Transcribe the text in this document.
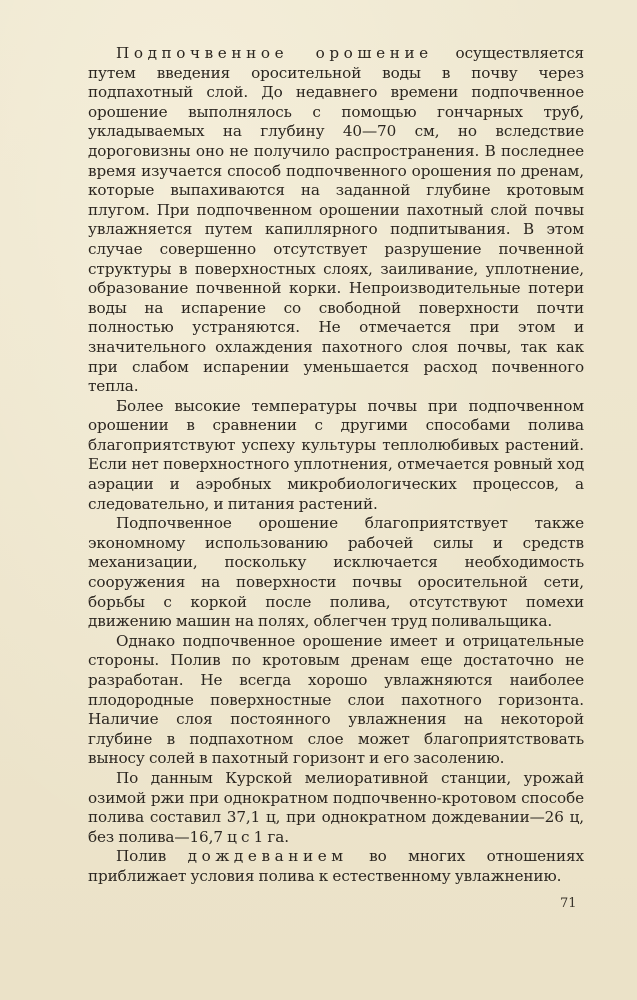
Подпочвенное орошение осуществляется путем введения оросительной воды в почву через подпахотный слой. До недавнего времени подпочвенное орошение выполнялось с помощью гончарных труб, укладываемых на глубину 40—70 см, но вследствие дороговизны оно не получило распространения. В последнее время изучается способ подпочвенного орошения по дренам, которые выпахиваются на заданной глубине кротовым плугом. При подпочвенном орошении пахотный слой почвы увлажняется путем капиллярного подпитывания. В этом случае совершенно отсутствует разрушение почвенной структуры в поверхностных слоях, заиливание, уплотнение, образование почвенной корки. Непроизводительные потери воды на испарение со свободной поверхности почти полностью устраняются. Не отмечается при этом и значительного охлаждения пахотного слоя почвы, так как при слабом испарении уменьшается расход почвенного тепла.

Более высокие температуры почвы при подпочвенном орошении в сравнении с другими способами полива благоприятствуют успеху культуры теплолюбивых растений. Если нет поверхностного уплотнения, отмечается ровный ход аэрации и аэробных микробиологических процессов, а следовательно, и питания растений.

Подпочвенное орошение благоприятствует также экономному использованию рабочей силы и средств механизации, поскольку исключается необходимость сооружения на поверхности почвы оросительной сети, борьбы с коркой после полива, отсутствуют помехи движению машин на полях, облегчен труд поливальщика.

Однако подпочвенное орошение имеет и отрицательные стороны. Полив по кротовым дренам еще достаточно не разработан. Не всегда хорошо увлажняются наиболее плодородные поверхностные слои пахотного горизонта. Наличие слоя постоянного увлажнения на некоторой глубине в подпахотном слое может благоприятствовать выносу солей в пахотный горизонт и его засолению.

По данным Курской мелиоративной станции, урожай озимой ржи при однократном подпочвенно-кротовом способе полива составил 37,1 ц, при однократном дождевании—26 ц, без полива—16,7 ц с 1 га.

Полив дождеванием во многих отношениях приближает условия полива к естественному увлажнению.

71
